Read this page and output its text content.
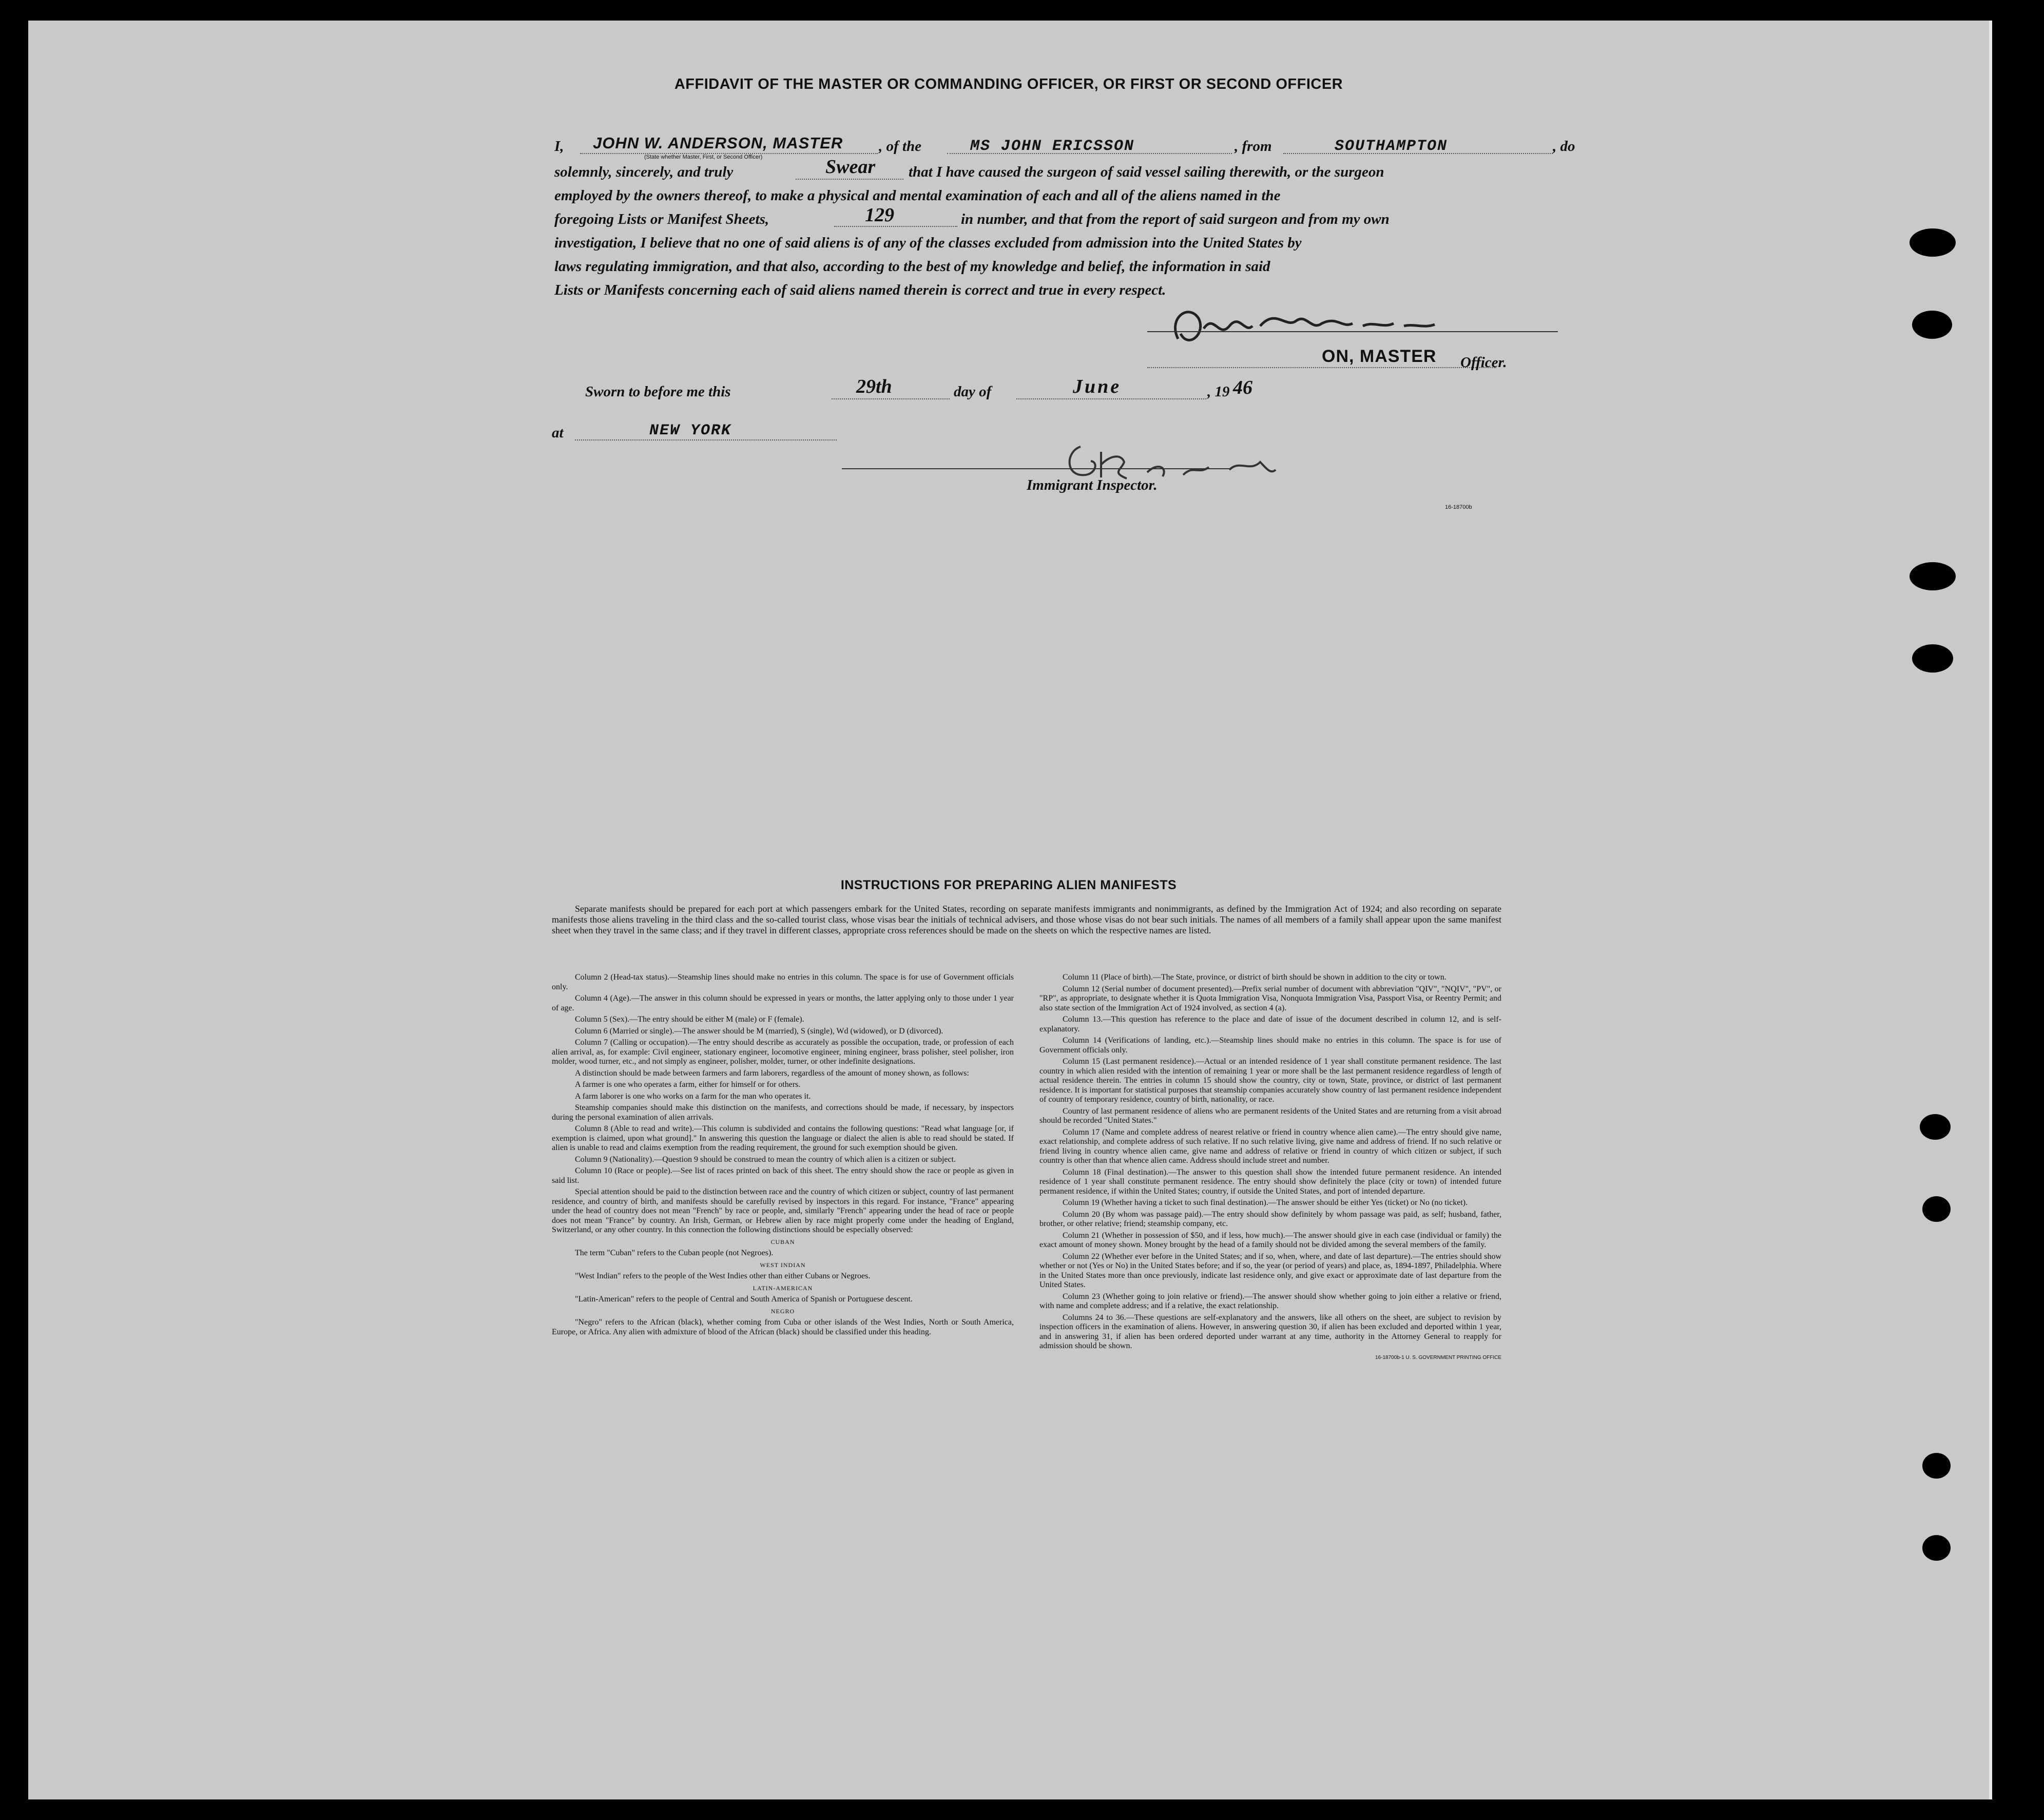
AFFIDAVIT OF THE MASTER OR COMMANDING OFFICER, OR FIRST OR SECOND OFFICER
I, JOHN W. ANDERSON, MASTER , of the	MS JOHN ERICSSON	, from	SOUTHAMPTON	, do
(State whether Master, First, or Second Officer)
solemnly, sincerely, and truly	Swear that I have caused the surgeon of said vessel sailing therewith, or the surgeon
employed by the owners thereof, to make a physical and mental examination of each and all of the aliens named in the
foregoing Lists or Manifest Sheets,	129	in number, and that from the report of said surgeon and from my own
investigation, I believe that no one of said aliens is of any of the classes excluded from admission into the United States by
laws regulating immigration, and that also, according to the best of my knowledge and belief, the information in said
Lists or Manifests concerning each of said aliens named therein is correct and true in every respect.
ON, MASTER Officer.
Sworn to before me this	29th	day of	June	, 19 46
at	NEW YORK
Immigrant Inspector.
16-18700b
INSTRUCTIONS FOR PREPARING ALIEN MANIFESTS
Separate manifests should be prepared for each port at which passengers embark for the United States, recording on separate manifests immigrants and nonimmigrants, as defined by the Immigration Act of 1924; and also recording on separate manifests those aliens traveling in the third class and the so-called tourist class, whose visas bear the initials of technical advisers, and those whose visas do not bear such initials. The names of all members of a family shall appear upon the same manifest sheet when they travel in the same class; and if they travel in different classes, appropriate cross references should be made on the sheets on which the respective names are listed.

Column 2 (Head-tax status).—Steamship lines should make no entries in this column. The space is for use of Government officials only.

Column 4 (Age).—The answer in this column should be expressed in years or months, the latter applying only to those under 1 year of age.

Column 5 (Sex).—The entry should be either M (male) or F (female).

Column 6 (Married or single).—The answer should be M (married), S (single), Wd (widowed), or D (divorced).

Column 7 (Calling or occupation).—The entry should describe as accurately as possible the occupation, trade, or profession of each alien arrival, as, for example: Civil engineer, stationary engineer, locomotive engineer, mining engineer, brass polisher, steel polisher, iron molder, wood turner, etc., and not simply as engineer, polisher, molder, turner, or other indefinite designations.

A distinction should be made between farmers and farm laborers, regardless of the amount of money shown, as follows:

A farmer is one who operates a farm, either for himself or for others.

A farm laborer is one who works on a farm for the man who operates it.

Steamship companies should make this distinction on the manifests, and corrections should be made, if necessary, by inspectors during the personal examination of alien arrivals.

Column 8 (Able to read and write).—This column is subdivided and contains the following questions: "Read what language [or, if exemption is claimed, upon what ground]." In answering this question the language or dialect the alien is able to read should be stated. If alien is unable to read and claims exemption from the reading requirement, the ground for such exemption should be given.

Column 9 (Nationality).—Question 9 should be construed to mean the country of which alien is a citizen or subject.

Column 10 (Race or people).—See list of races printed on back of this sheet. The entry should show the race or people as given in said list.

Special attention should be paid to the distinction between race and the country of which citizen or subject, country of last permanent residence, and country of birth, and manifests should be carefully revised by inspectors in this regard. For instance, "France" appearing under the head of country does not mean "French" by race or people, and, similarly "French" appearing under the head of race or people does not mean "France" by country. An Irish, German, or Hebrew alien by race might properly come under the heading of England, Switzerland, or any other country. In this connection the following distinctions should be especially observed:

CUBAN

The term "Cuban" refers to the Cuban people (not Negroes).

WEST INDIAN

"West Indian" refers to the people of the West Indies other than either Cubans or Negroes.

LATIN-AMERICAN

"Latin-American" refers to the people of Central and South America of Spanish or Portuguese descent.

NEGRO

"Negro" refers to the African (black), whether coming from Cuba or other islands of the West Indies, North or South America, Europe, or Africa. Any alien with admixture of blood of the African (black) should be classified under this heading.

Column 11 (Place of birth).—The State, province, or district of birth should be shown in addition to the city or town.

Column 12 (Serial number of document presented).—Prefix serial number of document with abbreviation "QIV", "NQIV", "PV", or "RP", as appropriate, to designate whether it is Quota Immigration Visa, Nonquota Immigration Visa, Passport Visa, or Reentry Permit; and also state section of the Immigration Act of 1924 involved, as section 4 (a).

Column 13.—This question has reference to the place and date of issue of the document described in column 12, and is self-explanatory.

Column 14 (Verifications of landing, etc.).—Steamship lines should make no entries in this column. The space is for use of Government officials only.

Column 15 (Last permanent residence).—Actual or an intended residence of 1 year shall constitute permanent residence. The last country in which alien resided with the intention of remaining 1 year or more shall be the last permanent residence regardless of length of actual residence therein. The entries in column 15 should show the country, city or town, State, province, or district of last permanent residence. It is important for statistical purposes that steamship companies accurately show country of last permanent residence independent of country of temporary residence, country of birth, nationality, or race.

Country of last permanent residence of aliens who are permanent residents of the United States and are returning from a visit abroad should be recorded "United States."

Column 17 (Name and complete address of nearest relative or friend in country whence alien came).—The entry should give name, exact relationship, and complete address of such relative. If no such relative living, give name and address of friend. If no such relative or friend living in country whence alien came, give name and address of relative or friend in country of which citizen or subject, if such country is other than that whence alien came. Address should include street and number.

Column 18 (Final destination).—The answer to this question shall show the intended future permanent residence. An intended residence of 1 year shall constitute permanent residence. The entry should show definitely the place (city or town) of intended future permanent residence, if within the United States; country, if outside the United States, and port of intended departure.

Column 19 (Whether having a ticket to such final destination).—The answer should be either Yes (ticket) or No (no ticket).

Column 20 (By whom was passage paid).—The entry should show definitely by whom passage was paid, as self; husband, father, brother, or other relative; friend; steamship company, etc.

Column 21 (Whether in possession of $50, and if less, how much).—The answer should give in each case (individual or family) the exact amount of money shown. Money brought by the head of a family should not be divided among the several members of the family.

Column 22 (Whether ever before in the United States; and if so, when, where, and date of last departure).—The entries should show whether or not (Yes or No) in the United States before; and if so, the year (or period of years) and place, as, 1894-1897, Philadelphia. Where in the United States more than once previously, indicate last residence only, and give exact or approximate date of last departure from the United States.

Column 23 (Whether going to join relative or friend).—The answer should show whether going to join either a relative or friend, with name and complete address; and if a relative, the exact relationship.

Columns 24 to 36.—These questions are self-explanatory and the answers, like all others on the sheet, are subject to revision by inspection officers in the examination of aliens. However, in answering question 30, if alien has been excluded and deported within 1 year, and in answering 31, if alien has been ordered deported under warrant at any time, authority in the Attorney General to reapply for admission should be shown.

16-18700b-1 U. S. GOVERNMENT PRINTING OFFICE
